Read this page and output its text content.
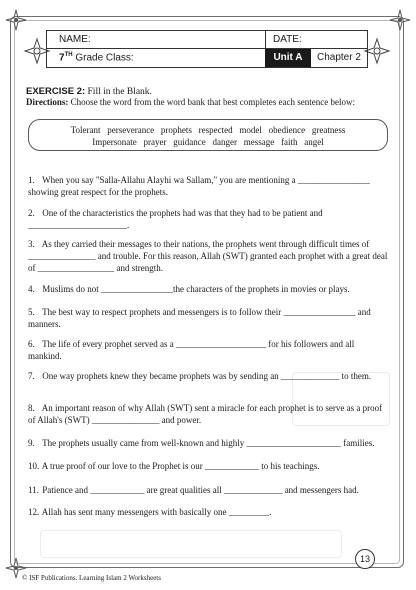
NAME:	DATE:
7TH Grade Class:	Unit A	Chapter 2
EXERCISE 2: Fill in the Blank.
Directions: Choose the word from the word bank that best completes each sentence below:
Tolerant   perseverance   prophets   respected   model   obedience   greatness
Impersonate   prayer   guidance   danger   message   faith   angel
1. When you say "Salla-Allahu Alayhi wa Sallam," you are mentioning a ________________ showing great respect for the prophets.
2. One of the characteristics the prophets had was that they had to be patient and ______________________.
3. As they carried their messages to their nations, the prophets went through difficult times of _______________ and trouble. For this reason, Allah (SWT) granted each prophet with a great deal of _________________ and strength.
4. Muslims do not ________________the characters of the prophets in movies or plays.
5. The best way to respect prophets and messengers is to follow their ________________ and manners.
6. The life of every prophet served as a ____________________ for his followers and all mankind.
7. One way prophets knew they became prophets was by sending an _____________ to them.
8. An important reason of why Allah (SWT) sent a miracle for each prophet is to serve as a proof of Allah's (SWT) _______________ and power.
9. The prophets usually came from well-known and highly _____________________ families.
10. A true proof of our love to the Prophet is our ____________ to his teachings.
11. Patience and ____________ are great qualities all _____________ and messengers had.
12. Allah has sent many messengers with basically one _________.
13
© ISF Publications. Learning Islam 2 Worksheets
